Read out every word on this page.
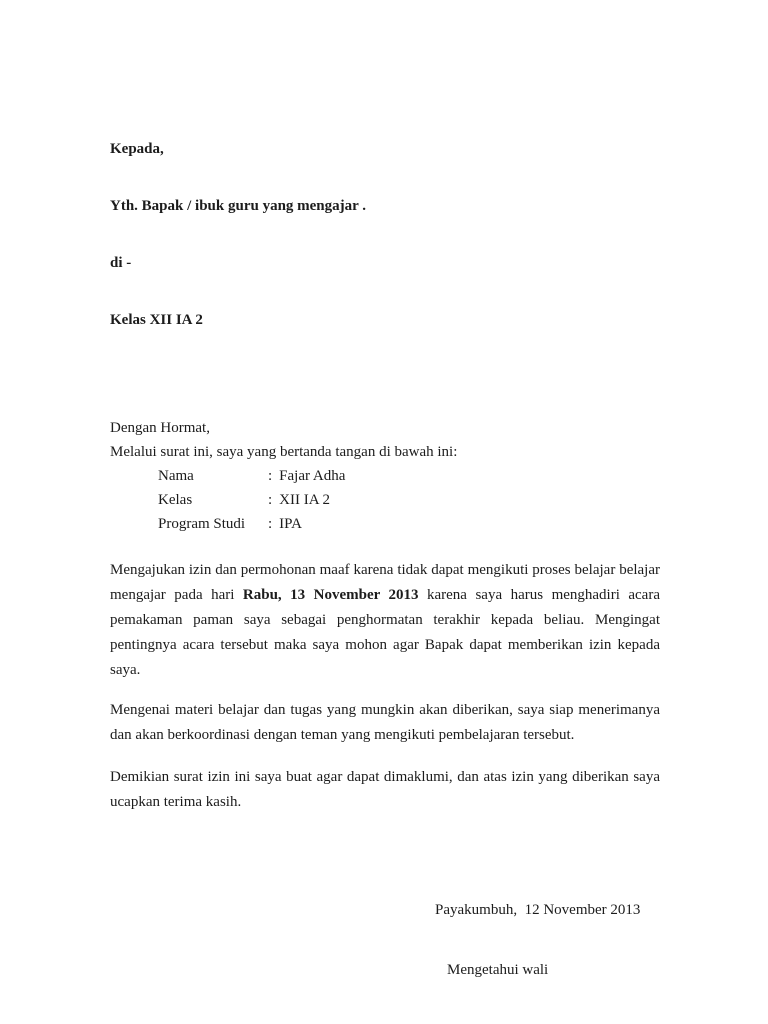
Kepada,

Yth. Bapak / ibuk guru yang mengajar .

di -

Kelas XII IA 2

Dengan Hormat,

Melalui surat ini, saya yang bertanda tangan di bawah ini:

Nama	: Fajar Adha
Kelas	: XII IA 2
Program Studi : IPA

Mengajukan izin dan permohonan maaf karena tidak dapat mengikuti proses belajar belajar mengajar pada hari Rabu, 13 November 2013 karena saya harus menghadiri acara pemakaman paman saya sebagai penghormatan terakhir kepada beliau. Mengingat pentingnya acara tersebut maka saya mohon agar Bapak dapat memberikan izin kepada saya.

Mengenai materi belajar dan tugas yang mungkin akan diberikan, saya siap menerimanya dan akan berkoordinasi dengan teman yang mengikuti pembelajaran tersebut.

Demikian surat izin ini saya buat agar dapat dimaklumi, dan atas izin yang diberikan saya ucapkan terima kasih.

Payakumbuh,  12 November 2013

Mengetahui wali
